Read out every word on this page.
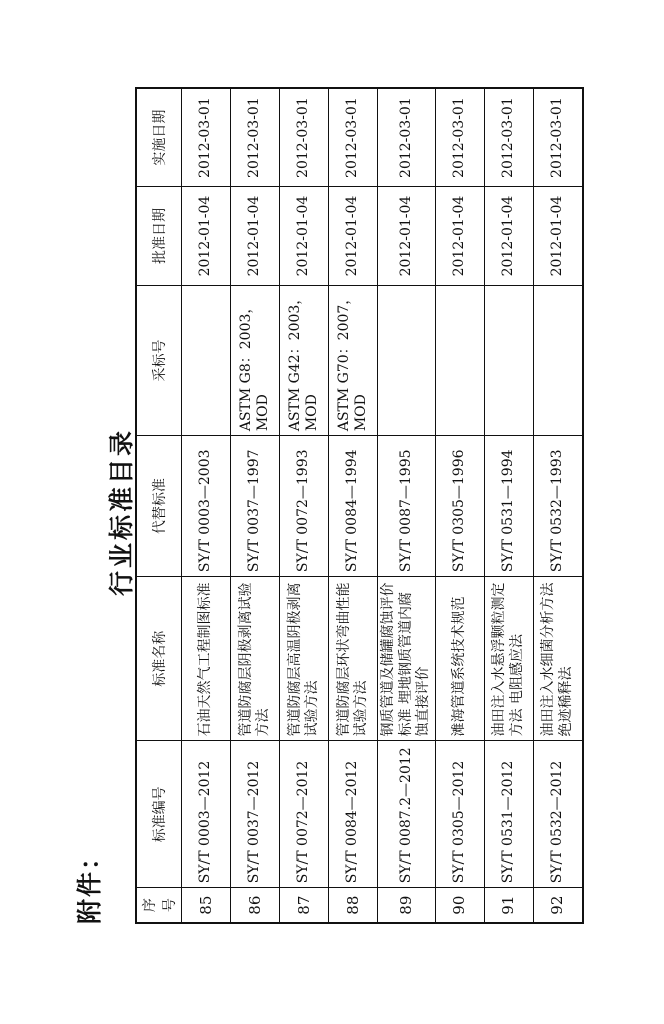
附件：
行业标准目录
序号	标准编号	标准名称	代替标准	采标号	批准日期	实施日期
85	SY/T 0003—2012	石油天然气工程制图标准	SY/T 0003—2003		2012-01-04	2012-03-01
86	SY/T 0037—2012	管道防腐层阴极剥离试验方法	SY/T 0037—1997	ASTM G8：2003，MOD	2012-01-04	2012-03-01
87	SY/T 0072—2012	管道防腐层高温阴极剥离试验方法	SY/T 0072—1993	ASTM G42：2003，MOD	2012-01-04	2012-03-01
88	SY/T 0084—2012	管道防腐层环状弯曲性能试验方法	SY/T 0084—1994	ASTM G70：2007，MOD	2012-01-04	2012-03-01
89	SY/T 0087.2—2012	钢质管道及储罐腐蚀评价标准 埋地钢质管道内腐蚀直接评价	SY/T 0087—1995		2012-01-04	2012-03-01
90	SY/T 0305—2012	滩海管道系统技术规范	SY/T 0305—1996		2012-01-04	2012-03-01
91	SY/T 0531—2012	油田注入水悬浮颗粒测定方法 电阻感应法	SY/T 0531—1994		2012-01-04	2012-03-01
92	SY/T 0532—2012	油田注入水细菌分析方法 绝迹稀释法	SY/T 0532—1993		2012-01-04	2012-03-01
